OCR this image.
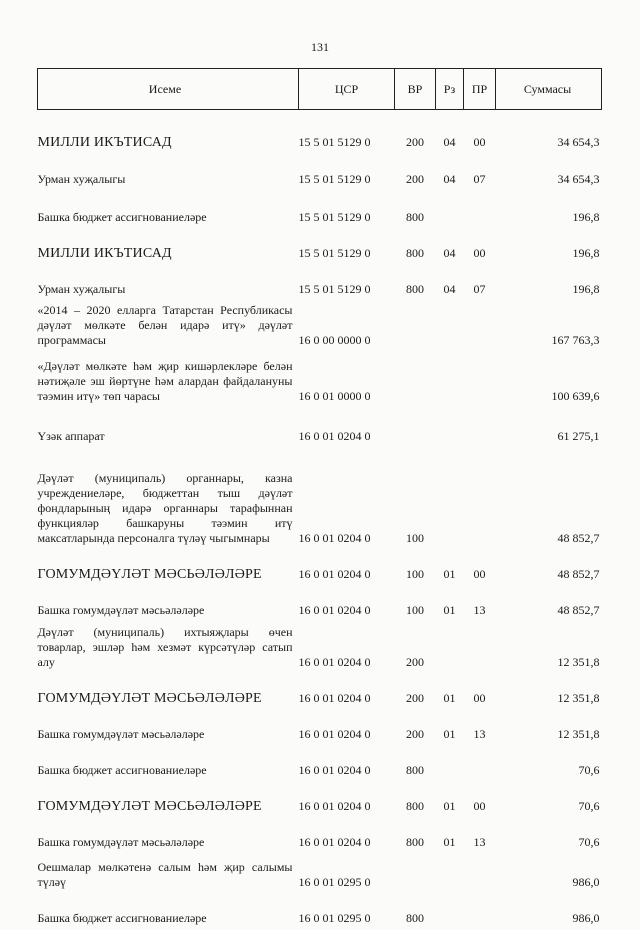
131
Исеме	ЦСР	ВР	Рз	ПР	Суммасы
МИЛЛИ ИКЪТИСАД	15 5 01 5129 0	200	04	00	34 654,3
Урман хуҗалыгы	15 5 01 5129 0	200	04	07	34 654,3
Башка бюджет ассигнованиеләре	15 5 01 5129 0	800			196,8
МИЛЛИ ИКЪТИСАД	15 5 01 5129 0	800	04	00	196,8
Урман хуҗалыгы	15 5 01 5129 0	800	04	07	196,8
«2014 – 2020 елларга Татарстан Республикасы дәүләт мөлкәте белән идарә итү» дәүләт программасы	16 0 00 0000 0				167 763,3
«Дәүләт мөлкәте һәм җир кишәрлекләре белән нәтиҗәле эш йөртүне һәм алардан файдалануны тәэмин итү» төп чарасы	16 0 01 0000 0				100 639,6
Үзәк аппарат	16 0 01 0204 0				61 275,1
Дәүләт (муниципаль) органнары, казна учреждениеләре, бюджеттан тыш дәүләт фондларының идарә органнары тарафыннан функцияләр башкаруны тәэмин итү максатларында персоналга түләү чыгымнары	16 0 01 0204 0	100			48 852,7
ГОМУМДӘҮЛӘТ МӘСЬӘЛӘЛӘРЕ	16 0 01 0204 0	100	01	00	48 852,7
Башка гомумдәүләт мәсьәләләре	16 0 01 0204 0	100	01	13	48 852,7
Дәүләт (муниципаль) ихтыяҗлары өчен товарлар, эшләр һәм хезмәт күрсәтүләр сатып алу	16 0 01 0204 0	200			12 351,8
ГОМУМДӘҮЛӘТ МӘСЬӘЛӘЛӘРЕ	16 0 01 0204 0	200	01	00	12 351,8
Башка гомумдәүләт мәсьәләләре	16 0 01 0204 0	200	01	13	12 351,8
Башка бюджет ассигнованиеләре	16 0 01 0204 0	800			70,6
ГОМУМДӘҮЛӘТ МӘСЬӘЛӘЛӘРЕ	16 0 01 0204 0	800	01	00	70,6
Башка гомумдәүләт мәсьәләләре	16 0 01 0204 0	800	01	13	70,6
Оешмалар мөлкәтенә салым һәм җир салымы түләү	16 0 01 0295 0				986,0
Башка бюджет ассигнованиеләре	16 0 01 0295 0	800			986,0
